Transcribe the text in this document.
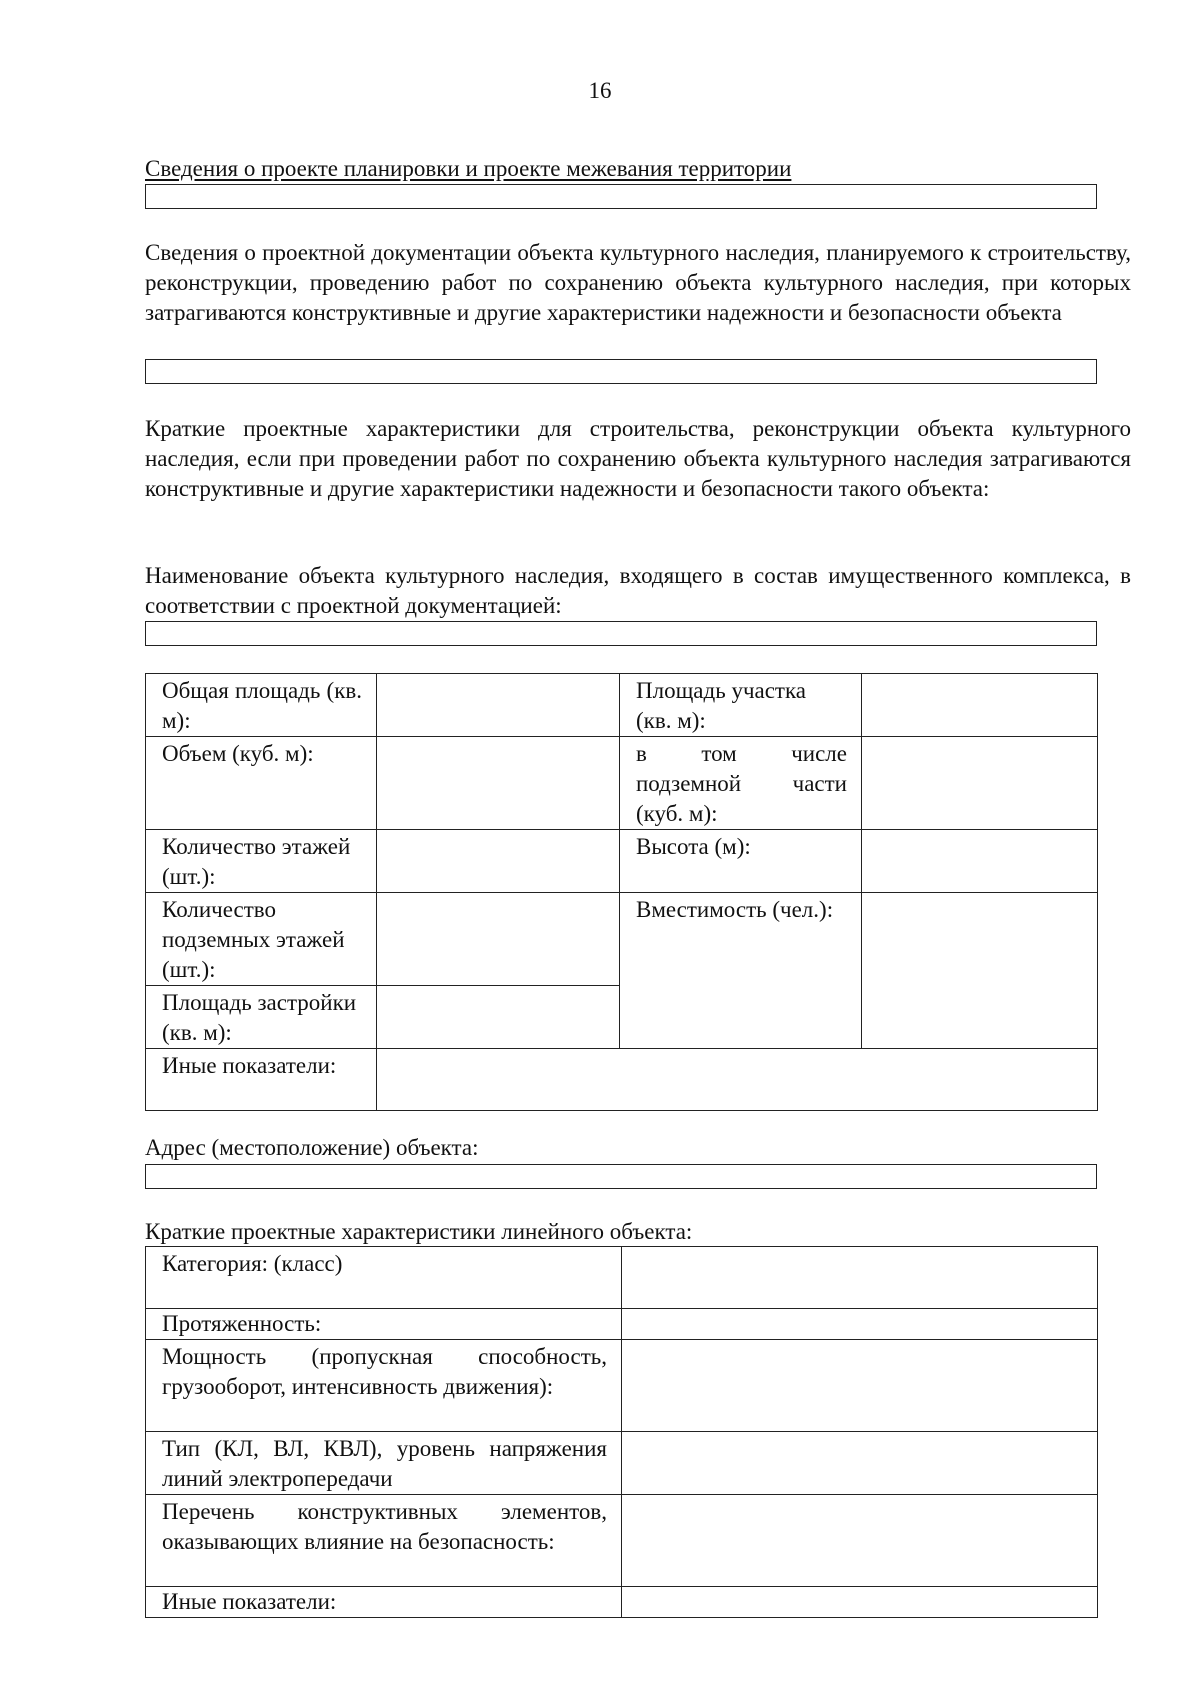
16
Сведения о проекте планировки и проекте межевания территории
Сведения о проектной документации объекта культурного наследия, планируемого к строительству, реконструкции, проведению работ по сохранению объекта культурного наследия, при которых затрагиваются конструктивные и другие характеристики надежности и безопасности объекта
Краткие проектные характеристики для строительства, реконструкции объекта культурного наследия, если при проведении работ по сохранению объекта культурного наследия затрагиваются конструктивные и другие характеристики надежности и безопасности такого объекта:
Наименование объекта культурного наследия, входящего в состав имущественного комплекса, в соответствии с проектной документацией:
Общая площадь (кв. м):		Площадь участка (кв. м):	
Объем (куб. м):		в том числе подземной части (куб. м):	
Количество этажей (шт.):		Высота (м):	
Количество подземных этажей (шт.):		Вместимость (чел.):	
Площадь застройки (кв. м):			
Иные показатели:			
Адрес (местоположение) объекта:
Краткие проектные характеристики линейного объекта:
Категория: (класс)	
Протяженность:	
Мощность (пропускная способность, грузооборот, интенсивность движения):	
Тип (КЛ, ВЛ, КВЛ), уровень напряжения линий электропередачи	
Перечень конструктивных элементов, оказывающих влияние на безопасность:	
Иные показатели:	
